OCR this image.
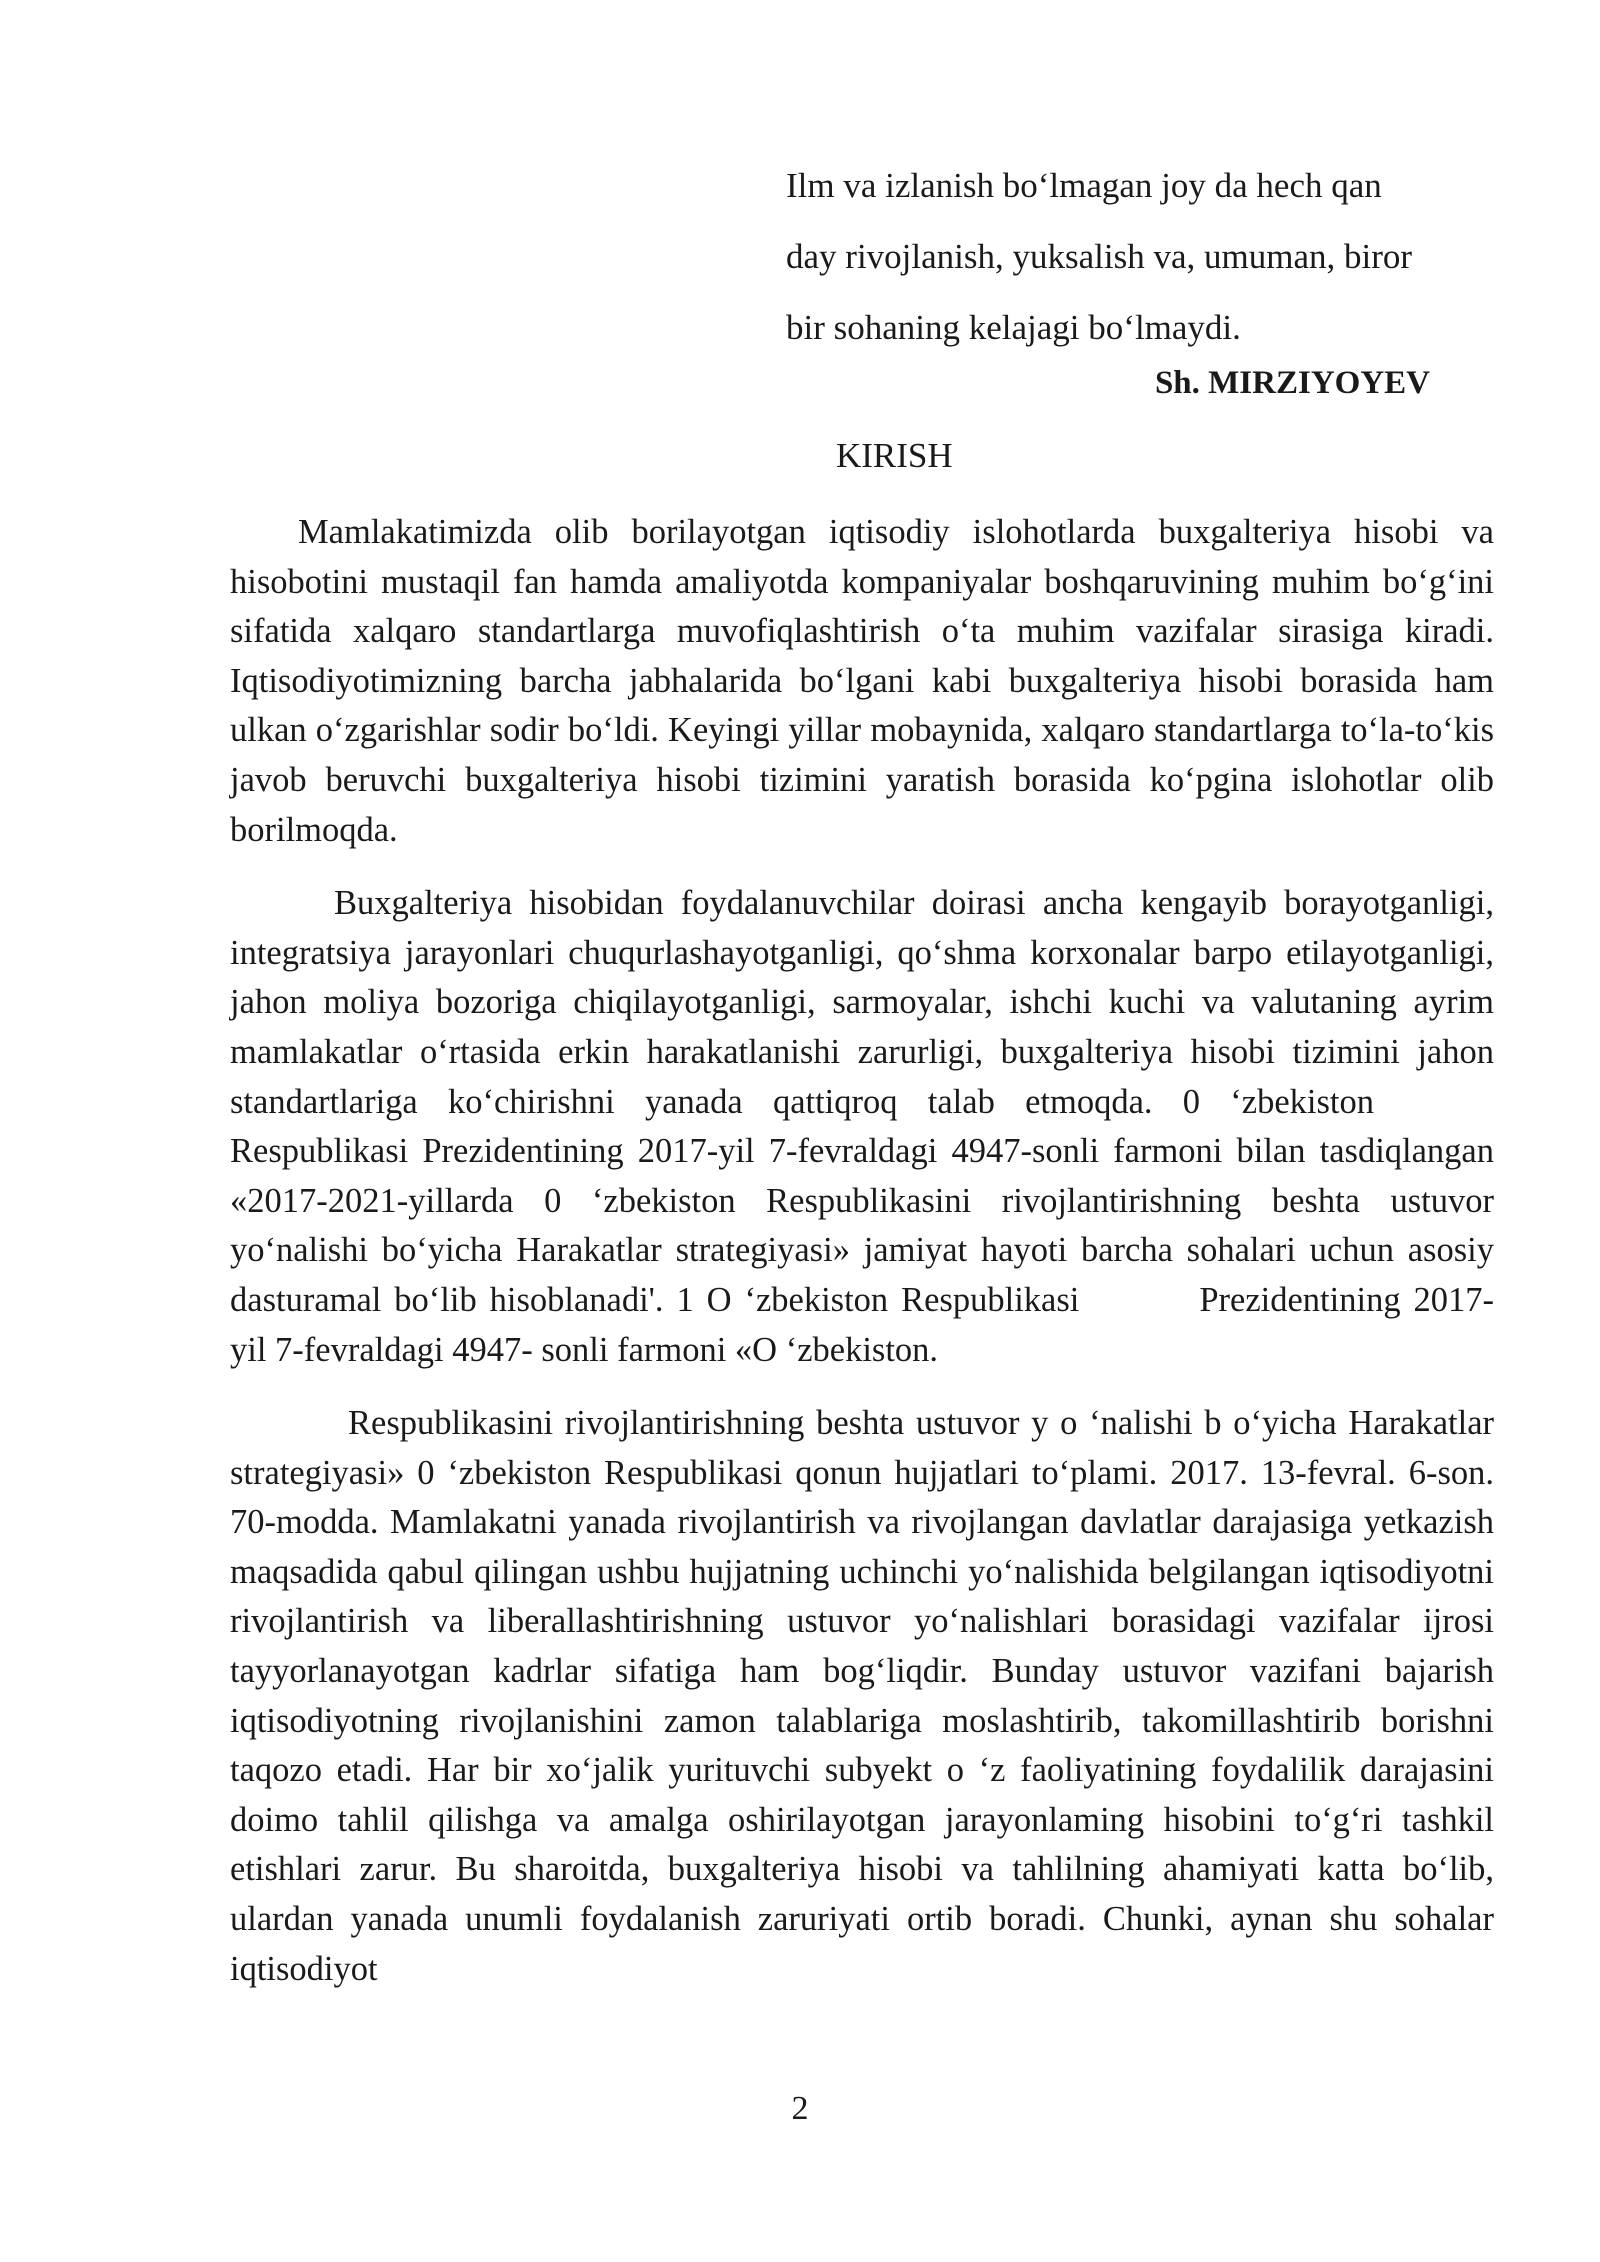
Ilm va izlanish bo‘lmagan joy da hech qan
day rivojlanish, yuksalish va, umuman, biror
bir sohaning kelajagi bo‘lmaydi.
Sh. MIRZIYOYEV
KIRISH

Mamlakatimizda olib borilayotgan iqtisodiy islohotlarda buxgalteriya hisobi va hisobotini mustaqil fan hamda amaliyotda kompaniyalar boshqaruvining muhim bo‘g‘ini sifatida xalqaro standartlarga muvofiqlashtirish o‘ta muhim vazifalar sirasiga kiradi. Iqtisodiyotimizning barcha jabhalarida bo‘lgani kabi buxgalteriya hisobi borasida ham ulkan o‘zgarishlar sodir bo‘ldi. Keyingi yillar mobaynida, xalqaro standartlarga to‘la-to‘kis javob beruvchi buxgalteriya hisobi tizimini yaratish borasida ko‘pgina islohotlar olib borilmoqda.

Buxgalteriya hisobidan foydalanuvchilar doirasi ancha kengayib borayotganligi, integratsiya jarayonlari chuqurlashayotganligi, qo‘shma korxonalar barpo etilayotganligi, jahon moliya bozoriga chiqilayotganligi, sarmoyalar, ishchi kuchi va valutaning ayrim mamlakatlar o‘rtasida erkin harakatlanishi zarurligi, buxgalteriya hisobi tizimini jahon standartlariga ko‘chirishni yanada qattiqroq talab etmoqda. 0 ‘zbekistonRespublikasi Prezidentining 2017-yil 7-fevraldagi 4947-sonli farmoni bilan tasdiqlangan «2017-2021-yillarda 0 ‘zbekiston Respublikasini rivojlantirishning beshta ustuvor yo‘nalishi bo‘yicha Harakatlar strategiyasi» jamiyat hayoti barcha sohalari uchun asosiy dasturamal bo‘lib hisoblanadi'. 1 O ‘zbekiston Respublikasi	Prezidentining 2017-yil 7-fevraldagi 4947- sonli farmoni «O ‘zbekiston.

Respublikasini rivojlantirishning beshta ustuvor y o ‘nalishi b o‘yicha Harakatlar strategiyasi» 0 ‘zbekiston Respublikasi qonun hujjatlari to‘plami. 2017. 13-fevral. 6-son. 70-modda. Mamlakatni yanada rivojlantirish va rivojlangan davlatlar darajasiga yetkazish maqsadida qabul qilingan ushbu hujjatning uchinchi yo‘nalishida belgilangan iqtisodiyotni rivojlantirish va liberallashtirishning ustuvor yo‘nalishlari borasidagi vazifalar ijrosi tayyorlanayotgan kadrlar sifatiga ham bog‘liqdir. Bunday ustuvor vazifani bajarish iqtisodiyotning rivojlanishini zamon talablariga moslashtirib, takomillashtirib borishni taqozo etadi. Har bir xo‘jalik yurituvchi subyekt o ‘z faoliyatining foydalilik darajasini doimo tahlil qilishga va amalga oshirilayotgan jarayonlaming hisobini to‘g‘ri tashkil etishlari zarur. Bu sharoitda, buxgalteriya hisobi va tahlilning ahamiyati katta bo‘lib, ulardan yanada unumli foydalanish zaruriyati ortib boradi. Chunki, aynan shu sohalar iqtisodiyot

2
